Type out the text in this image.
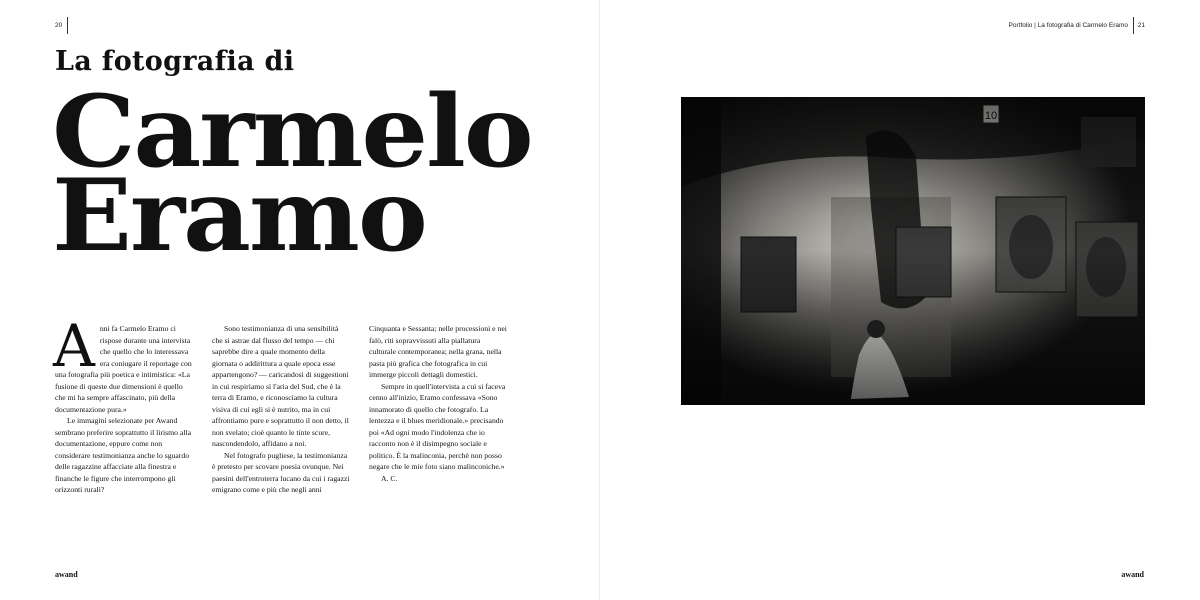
20
La fotografia di
Carmelo
Eramo

Anni fa Carmelo Eramo ci rispose durante una intervista che quello che lo interessava era coniugare il reportage con una fotografia più poetica e intimistica: «La fusione di queste due dimensioni è quello che mi ha sempre affascinato, più della documentazione pura.»

Le immagini selezionate per Awand sembrano preferire soprattutto il lirismo alla documentazione, eppure come non considerare testimonianza anche lo sguardo delle ragazzine affacciate alla finestra e finanche le figure che interrompono gli orizzonti rurali?

Sono testimonianza di una sensibilità che si astrae dal flusso del tempo — chi saprebbe dire a quale momento della giornata o addirittura a quale epoca esse appartengono? — caricandosi di suggestioni in cui respiriamo sì l'aria del Sud, che è la terra di Eramo, e riconosciamo la cultura visiva di cui egli si è nutrito, ma in cui affrontiamo pure e soprattutto il non detto, il non svelato; cioè quanto le tinte scure, nascondendolo, affidano a noi.

Nel fotografo pugliese, la testimonianza è pretesto per scovare poesia ovunque. Nei paesini dell'entroterra lucano da cui i ragazzi emigrano come e più che negli anni

Cinquanta e Sessanta; nelle processioni e nei falò, riti sopravvissuti alla piallatura culturale contemporanea; nella grana, nella pasta più grafica che fotografica in cui immerge piccoli dettagli domestici.

Sempre in quell'intervista a cui si faceva cenno all'inizio, Eramo confessava «Sono innamorato di quello che fotografo. La lentezza e il blues meridionale.» precisando poi «Ad ogni modo l'indolenza che io racconto non è il disimpegno sociale e politico. È la malinconia, perchè non posso negare che le mie foto siano malinconiche.»

A. C.

awand
Portfolio | La fotografia di Carmelo Eramo 21
awand
